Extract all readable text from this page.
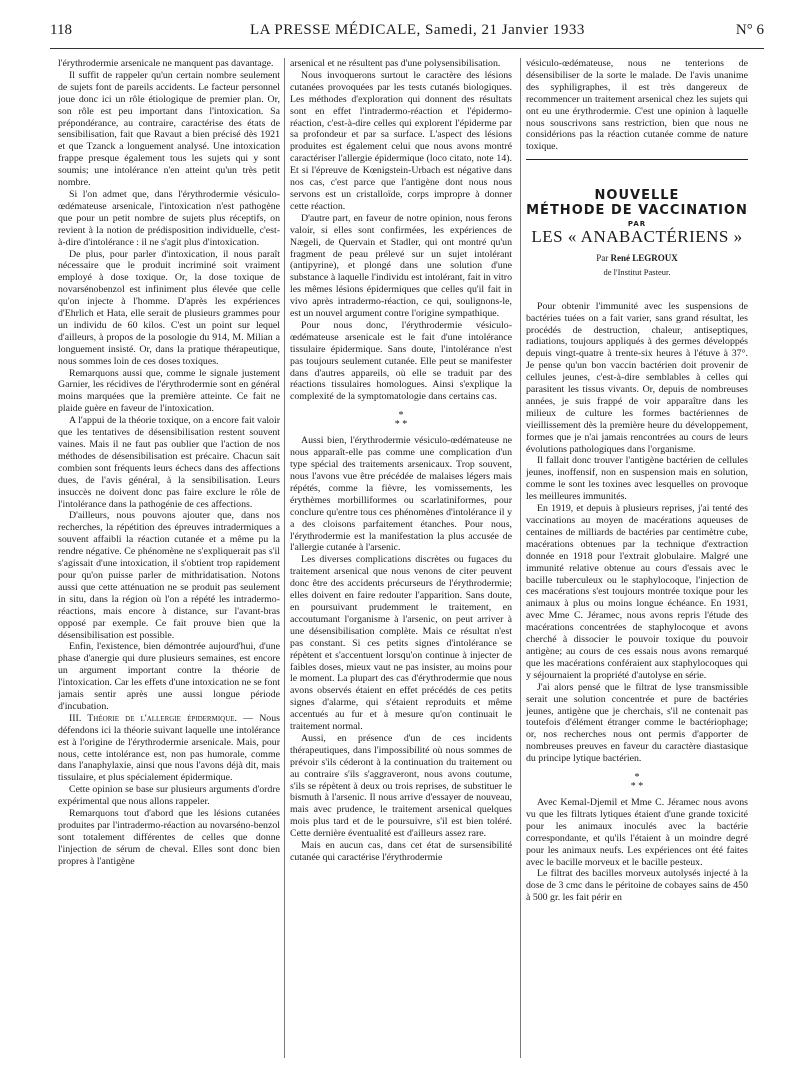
118	LA PRESSE MÉDICALE, Samedi, 21 Janvier 1933	N° 6

l'érythrodermie arsenicale ne manquent pas davantage.

Il suffit de rappeler qu'un certain nombre seulement de sujets font de pareils accidents. Le facteur personnel joue donc ici un rôle étiologique de premier plan. Or, son rôle est peu important dans l'intoxication. Sa prépondérance, au contraire, caractérise des états de sensibilisation, fait que Ravaut a bien précisé dès 1921 et que Tzanck a longuement analysé. Une intoxication frappe presque également tous les sujets qui y sont soumis; une intolérance n'en atteint qu'un très petit nombre.

Si l'on admet que, dans l'érythrodermie vésiculo-œdémateuse arsenicale, l'intoxication n'est pathogène que pour un petit nombre de sujets plus réceptifs, on revient à la notion de prédisposition individuelle, c'est-à-dire d'intolérance : il ne s'agit plus d'intoxication.

De plus, pour parler d'intoxication, il nous paraît nécessaire que le produit incriminé soit vraiment employé à dose toxique. Or, la dose toxique de novarsénobenzol est infiniment plus élevée que celle qu'on injecte à l'homme. D'après les expériences d'Ehrlich et Hata, elle serait de plusieurs grammes pour un individu de 60 kilos. C'est un point sur lequel d'ailleurs, à propos de la posologie du 914, M. Milian a longuement insisté. Or, dans la pratique thérapeutique, nous sommes loin de ces doses toxiques.

Remarquons aussi que, comme le signale justement Garnier, les récidives de l'érythrodermie sont en général moins marquées que la première atteinte. Ce fait ne plaide guère en faveur de l'intoxication.

A l'appui de la théorie toxique, on a encore fait valoir que les tentatives de désensibilisation restent souvent vaines. Mais il ne faut pas oublier que l'action de nos méthodes de désensibilisation est précaire. Chacun sait combien sont fréquents leurs échecs dans des affections dues, de l'avis général, à la sensibilisation. Leurs insuccès ne doivent donc pas faire exclure le rôle de l'intolérance dans la pathogénie de ces affections.

D'ailleurs, nous pouvons ajouter que, dans nos recherches, la répétition des épreuves intradermiques a souvent affaibli la réaction cutanée et a même pu la rendre négative. Ce phénomène ne s'expliquerait pas s'il s'agissait d'une intoxication, il s'obtient trop rapidement pour qu'on puisse parler de mithridatisation. Notons aussi que cette atténuation ne se produit pas seulement in situ, dans la région où l'on a répété les intradermo-réactions, mais encore à distance, sur l'avant-bras opposé par exemple. Ce fait prouve bien que la désensibilisation est possible.

Enfin, l'existence, bien démontrée aujourd'hui, d'une phase d'anergie qui dure plusieurs semaines, est encore un argument important contre la théorie de l'intoxication. Car les effets d'une intoxication ne se font jamais sentir après une aussi longue période d'incubation.

III. Théorie de l'allergie épidermique. — Nous défendons ici la théorie suivant laquelle une intolérance est à l'origine de l'érythrodermie arsenicale. Mais, pour nous, cette intolérance est, non pas humorale, comme dans l'anaphylaxie, ainsi que nous l'avons déjà dit, mais tissulaire, et plus spécialement épidermique.

Cette opinion se base sur plusieurs arguments d'ordre expérimental que nous allons rappeler.

Remarquons tout d'abord que les lésions cutanées produites par l'intradermo-réaction au novarséno-benzol sont totalement différentes de celles que donne l'injection de sérum de cheval. Elles sont donc bien propres à l'antigène

arsenical et ne résultent pas d'une polysensibilisation.

Nous invoquerons surtout le caractère des lésions cutanées provoquées par les tests cutanés biologiques. Les méthodes d'exploration qui donnent des résultats sont en effet l'intradermo-réaction et l'épidermo-réaction, c'est-à-dire celles qui explorent l'épiderme par sa profondeur et par sa surface. L'aspect des lésions produites est également celui que nous avons montré caractériser l'allergie épidermique (loco citato, note 14). Et si l'épreuve de Kœnigstein-Urbach est négative dans nos cas, c'est parce que l'antigène dont nous nous servons est un cristalloïde, corps impropre à donner cette réaction.

D'autre part, en faveur de notre opinion, nous ferons valoir, si elles sont confirmées, les expériences de Nægeli, de Quervain et Stadler, qui ont montré qu'un fragment de peau prélevé sur un sujet intolérant (antipyrine), et plongé dans une solution d'une substance à laquelle l'individu est intolérant, fait in vitro les mêmes lésions épidermiques que celles qu'il fait in vivo après intradermo-réaction, ce qui, soulignons-le, est un nouvel argument contre l'origine sympathique.

Pour nous donc, l'érythrodermie vésiculo-œdémateuse arsenicale est le fait d'une intolérance tissulaire épidermique. Sans doute, l'intolérance n'est pas toujours seulement cutanée. Elle peut se manifester dans d'autres appareils, où elle se traduit par des réactions tissulaires homologues. Ainsi s'explique la complexité de la symptomatologie dans certains cas.

*
* *

Aussi bien, l'érythrodermie vésiculo-œdémateuse ne nous apparaît-elle pas comme une complication d'un type spécial des traitements arsenicaux. Trop souvent, nous l'avons vue être précédée de malaises légers mais répétés, comme la fièvre, les vomissements, les érythèmes morbilliformes ou scarlatiniformes, pour conclure qu'entre tous ces phénomènes d'intolérance il y a des cloisons parfaitement étanches. Pour nous, l'érythrodermie est la manifestation la plus accusée de l'allergie cutanée à l'arsenic.

Les diverses complications discrètes ou fugaces du traitement arsenical que nous venons de citer peuvent donc être des accidents précurseurs de l'érythrodermie; elles doivent en faire redouter l'apparition. Sans doute, en poursuivant prudemment le traitement, en accoutumant l'organisme à l'arsenic, on peut arriver à une désensibilisation complète. Mais ce résultat n'est pas constant. Si ces petits signes d'intolérance se répètent et s'accentuent lorsqu'on continue à injecter de faibles doses, mieux vaut ne pas insister, au moins pour le moment. La plupart des cas d'érythrodermie que nous avons observés étaient en effet précédés de ces petits signes d'alarme, qui s'étaient reproduits et même accentués au fur et à mesure qu'on continuait le traitement normal.

Aussi, en présence d'un de ces incidents thérapeutiques, dans l'impossibilité où nous sommes de prévoir s'ils céderont à la continuation du traitement ou au contraire s'ils s'aggraveront, nous avons coutume, s'ils se répètent à deux ou trois reprises, de substituer le bismuth à l'arsenic. Il nous arrive d'essayer de nouveau, mais avec prudence, le traitement arsenical quelques mois plus tard et de le poursuivre, s'il est bien toléré. Cette dernière éventualité est d'ailleurs assez rare.

Mais en aucun cas, dans cet état de sursensibilité cutanée qui caractérise l'érythrodermie

vésiculo-œdémateuse, nous ne tenterions de désensibiliser de la sorte le malade. De l'avis unanime des syphiligraphes, il est très dangereux de recommencer un traitement arsenical chez les sujets qui ont eu une érythrodermie. C'est une opinion à laquelle nous souscrivons sans restriction, bien que nous ne considérions pas la réaction cutanée comme de nature toxique.

NOUVELLE
MÉTHODE DE VACCINATION
PAR
LES « ANABACTÉRIENS »
Par René LEGROUX
de l'Institut Pasteur.

Pour obtenir l'immunité avec les suspensions de bactéries tuées on a fait varier, sans grand résultat, les procédés de destruction, chaleur, antiseptiques, radiations, toujours appliqués à des germes développés depuis vingt-quatre à trente-six heures à l'étuve à 37°. Je pense qu'un bon vaccin bactérien doit provenir de cellules jeunes, c'est-à-dire semblables à celles qui parasitent les tissus vivants. Or, depuis de nombreuses années, je suis frappé de voir apparaître dans les milieux de culture les formes bactériennes de vieillissement dès la première heure du développement, formes que je n'ai jamais rencontrées au cours de leurs évolutions pathologiques dans l'organisme.

Il fallait donc trouver l'antigène bactérien de cellules jeunes, inoffensif, non en suspension mais en solution, comme le sont les toxines avec lesquelles on provoque les meilleures immunités.

En 1919, et depuis à plusieurs reprises, j'ai tenté des vaccinations au moyen de macérations aqueuses de centaines de milliards de bactéries par centimètre cube, macérations obtenues par la technique d'extraction donnée en 1918 pour l'extrait globulaire. Malgré une immunité relative obtenue au cours d'essais avec le bacille tuberculeux ou le staphylocoque, l'injection de ces macérations s'est toujours montrée toxique pour les animaux à plus ou moins longue échéance. En 1931, avec Mme C. Jéramec, nous avons repris l'étude des macérations concentrées de staphylocoque et avons cherché à dissocier le pouvoir toxique du pouvoir antigène; au cours de ces essais nous avons remarqué que les macérations conféraient aux staphylocoques qui y séjournaient la propriété d'autolyse en série.

J'ai alors pensé que le filtrat de lyse transmissible serait une solution concentrée et pure de bactéries jeunes, antigène que je cherchais, s'il ne contenait pas toutefois d'élément étranger comme le bactériophage; or, nos recherches nous ont permis d'apporter de nombreuses preuves en faveur du caractère diastasique du principe lytique bactérien.

*
* *

Avec Kemal-Djemil et Mme C. Jéramec nous avons vu que les filtrats lytiques étaient d'une grande toxicité pour les animaux inoculés avec la bactérie correspondante, et qu'ils l'étaient à un moindre degré pour les animaux neufs. Les expériences ont été faites avec le bacille morveux et le bacille pesteux.

Le filtrat des bacilles morveux autolysés injecté à la dose de 3 cmc dans le péritoine de cobayes sains de 450 à 500 gr. les fait périr en
